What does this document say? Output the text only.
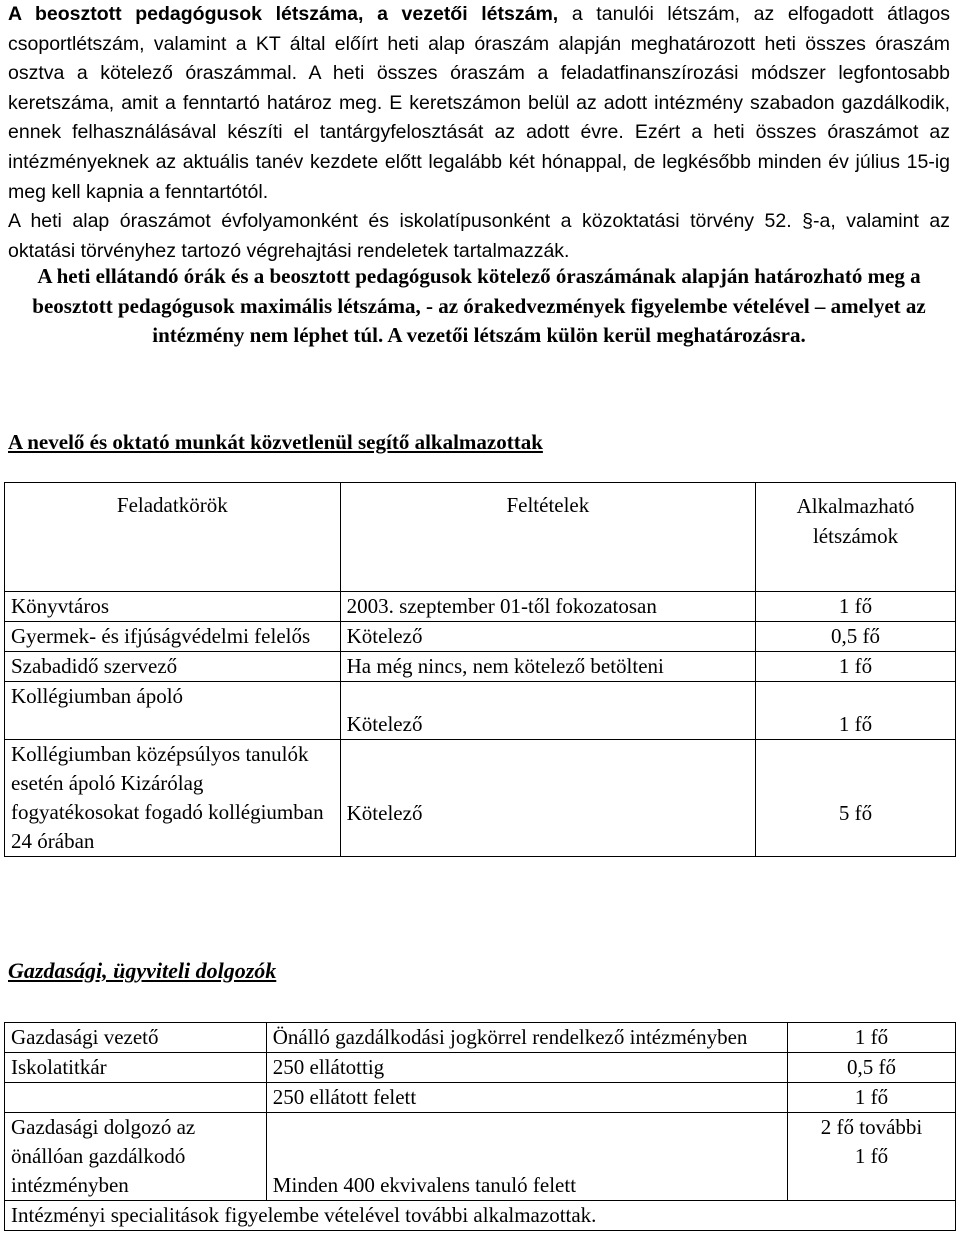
A beosztott pedagógusok létszáma, a vezetői létszám, a tanulói létszám, az elfogadott átlagos csoportlétszám, valamint a KT által előírt heti alap óraszám alapján meghatározott heti összes óraszám osztva a kötelező óraszámmal. A heti összes óraszám a feladatfinanszírozási módszer legfontosabb keretszáma, amit a fenntartó határoz meg. E keretszámon belül az adott intézmény szabadon gazdálkodik, ennek felhasználásával készíti el tantárgyfelosztását az adott évre. Ezért a heti összes óraszámot az intézményeknek az aktuális tanév kezdete előtt legalább két hónappal, de legkésőbb minden év július 15-ig meg kell kapnia a fenntartótól.

A heti alap óraszámot évfolyamonként és iskolatípusonként a közoktatási törvény 52. §-a, valamint az oktatási törvényhez tartozó végrehajtási rendeletek tartalmazzák.

A heti ellátandó órák és a beosztott pedagógusok kötelező óraszámának alapján határozható meg a beosztott pedagógusok maximális létszáma, - az órakedvezmények figyelembe vételével – amelyet az intézmény nem léphet túl. A vezetői létszám külön kerül meghatározásra.
A nevelő és oktató munkát közvetlenül segítő alkalmazottak
Feladatkörök	Feltételek	Alkalmazható létszámok
Könyvtáros	2003. szeptember 01-től fokozatosan	1 fő
Gyermek- és ifjúságvédelmi felelős	Kötelező	0,5 fő
Szabadidő szervező	Ha még nincs, nem kötelező betölteni	1 fő
Kollégiumban ápoló	Kötelező	1 fő
Kollégiumban középsúlyos tanulók esetén ápoló Kizárólag fogyatékosokat fogadó kollégiumban 24 órában	Kötelező	5 fő
Gazdasági, ügyviteli dolgozók
Gazdasági vezető	Önálló gazdálkodási jogkörrel rendelkező intézményben	1 fő
Iskolatitkár	250 ellátottig	0,5 fő
	250 ellátott felett	1 fő
Gazdasági dolgozó az önállóan gazdálkodó intézményben	Minden 400 ekvivalens tanuló felett	2 fő további 1 fő
Intézményi specialitások figyelembe vételével további alkalmazottak.		
